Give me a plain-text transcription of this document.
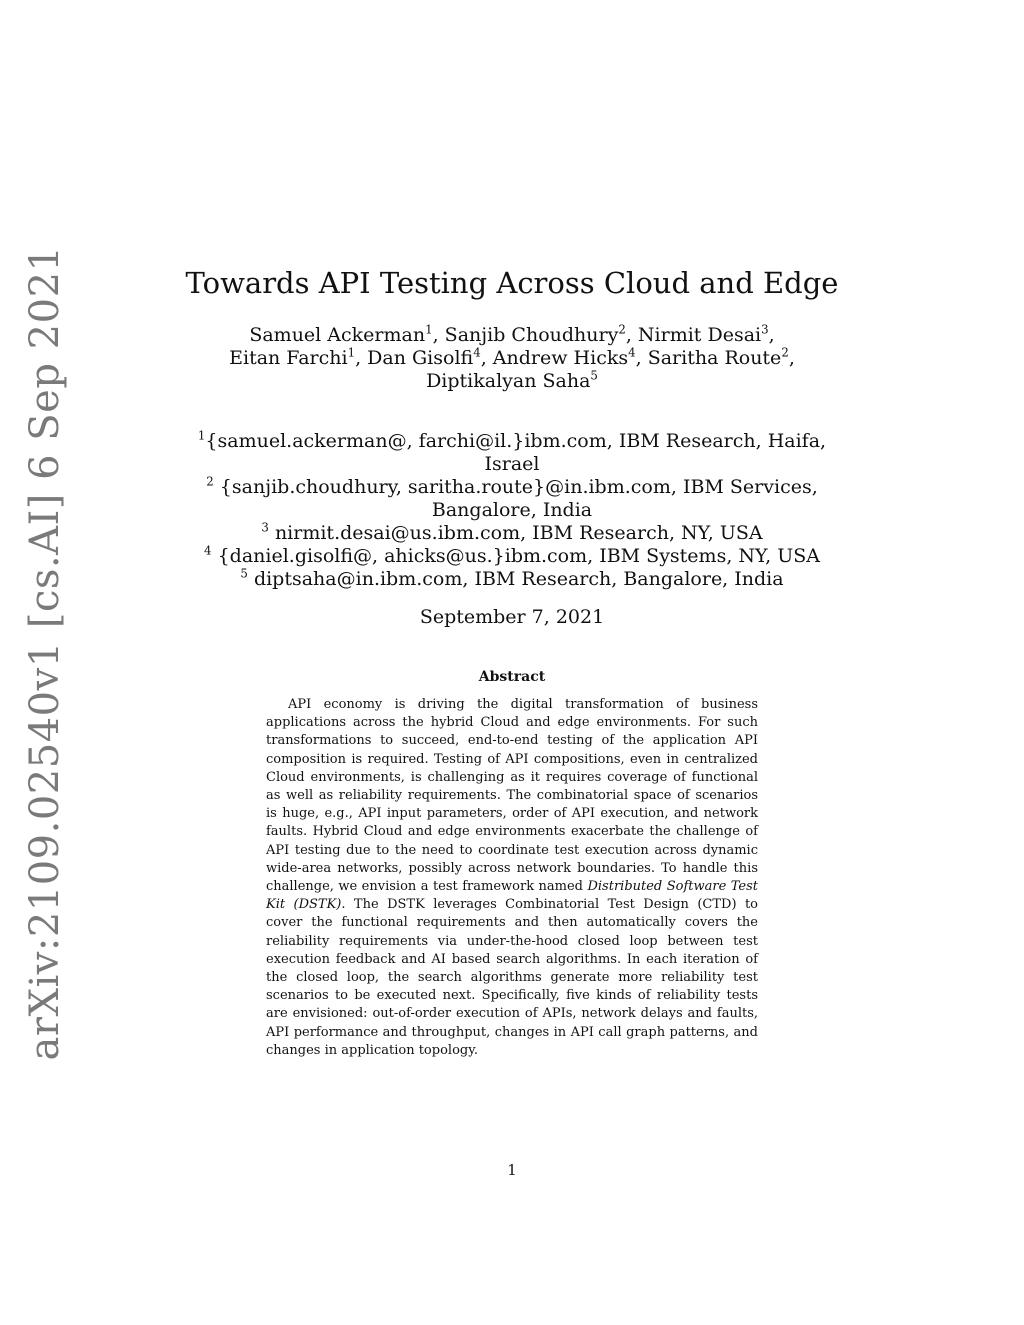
arXiv:2109.02540v1 [cs.AI] 6 Sep 2021	Towards API Testing Across Cloud and Edge
Samuel Ackerman$^1$, Sanjib Choudhury$^2$, Nirmit Desai$^3$,
Eitan Farchi$^1$, Dan Gisolfi$^4$, Andrew Hicks$^4$, Saritha Route$^2$,
Diptikalyan Saha$^5$
$^1${samuel.ackerman@, farchi@il.}ibm.com, IBM Research, Haifa,
Israel
$^2$ {sanjib.choudhury, saritha.route}@in.ibm.com, IBM Services,
Bangalore, India
$^3$ nirmit.desai@us.ibm.com, IBM Research, NY, USA
$^4$ {daniel.gisolfi@, ahicks@us.}ibm.com, IBM Systems, NY, USA
$^5$ diptsaha@in.ibm.com, IBM Research, Bangalore, India
September 7, 2021
Abstract

API economy is driving the digital transformation of business applications across the hybrid Cloud and edge environments. For such transformations to succeed, end-to-end testing of the application API composition is required. Testing of API compositions, even in centralized Cloud environments, is challenging as it requires coverage of functional as well as reliability requirements. The combinatorial space of scenarios is huge, e.g., API input parameters, order of API execution, and network faults. Hybrid Cloud and edge environments exacerbate the challenge of API testing due to the need to coordinate test execution across dynamic wide-area networks, possibly across network boundaries. To handle this challenge, we envision a test framework named Distributed Software Test Kit (DSTK). The DSTK leverages Combinatorial Test Design (CTD) to cover the functional requirements and then automatically covers the reliability requirements via under-the-hood closed loop between test execution feedback and AI based search algorithms. In each iteration of the closed loop, the search algorithms generate more reliability test scenarios to be executed next. Specifically, five kinds of reliability tests are envisioned: out-of-order execution of APIs, network delays and faults, API performance and throughput, changes in API call graph patterns, and changes in application topology.

1
